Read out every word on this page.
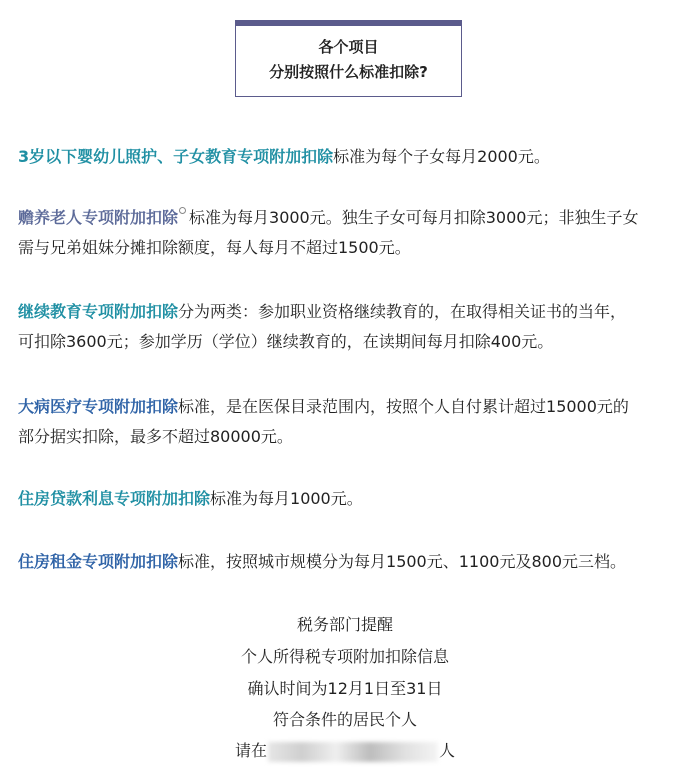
各个项目
分别按照什么标准扣除?
3岁以下婴幼儿照护、子女教育专项附加扣除标准为每个子女每月2000元。
赡养老人专项附加扣除 标准为每月3000元。独生子女可每月扣除3000元；非独生子女
需与兄弟姐妹分摊扣除额度，每人每月不超过1500元。
继续教育专项附加扣除分为两类：参加职业资格继续教育的，在取得相关证书的当年，
可扣除3600元；参加学历（学位）继续教育的，在读期间每月扣除400元。
大病医疗专项附加扣除标准，是在医保目录范围内，按照个人自付累计超过15000元的
部分据实扣除，最多不超过80000元。
住房贷款利息专项附加扣除标准为每月1000元。
住房租金专项附加扣除标准，按照城市规模分为每月1500元、1100元及800元三档。
税务部门提醒
个人所得税专项附加扣除信息
确认时间为12月1日至31日
符合条件的居民个人
请在	人
